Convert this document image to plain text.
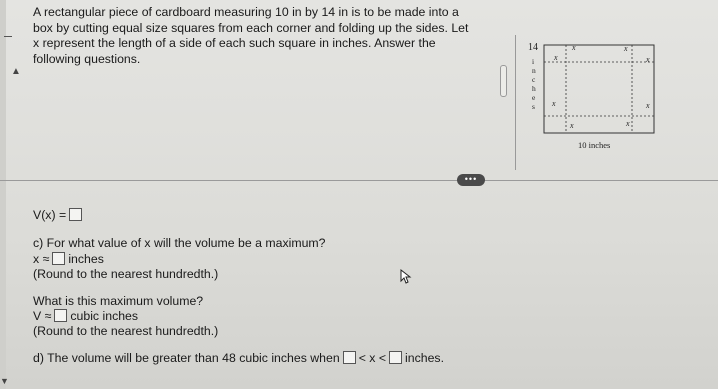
▲
▼
A rectangular piece of cardboard measuring 10 in by 14 in is to be made into a box by cutting equal size squares from each corner and folding up the sides. Let x represent the length of a side of each such square in inches. Answer the following questions.
14
i
n
c
h
e
s
x	x
x	x
x	x
x	x
10 inches
•••
V(x) =
c) For what value of x will the volume be a maximum?
x ≈ inches
(Round to the nearest hundredth.)
What is this maximum volume?
V ≈ cubic inches
(Round to the nearest hundredth.)
d) The volume will be greater than 48 cubic inches when < x < inches.
